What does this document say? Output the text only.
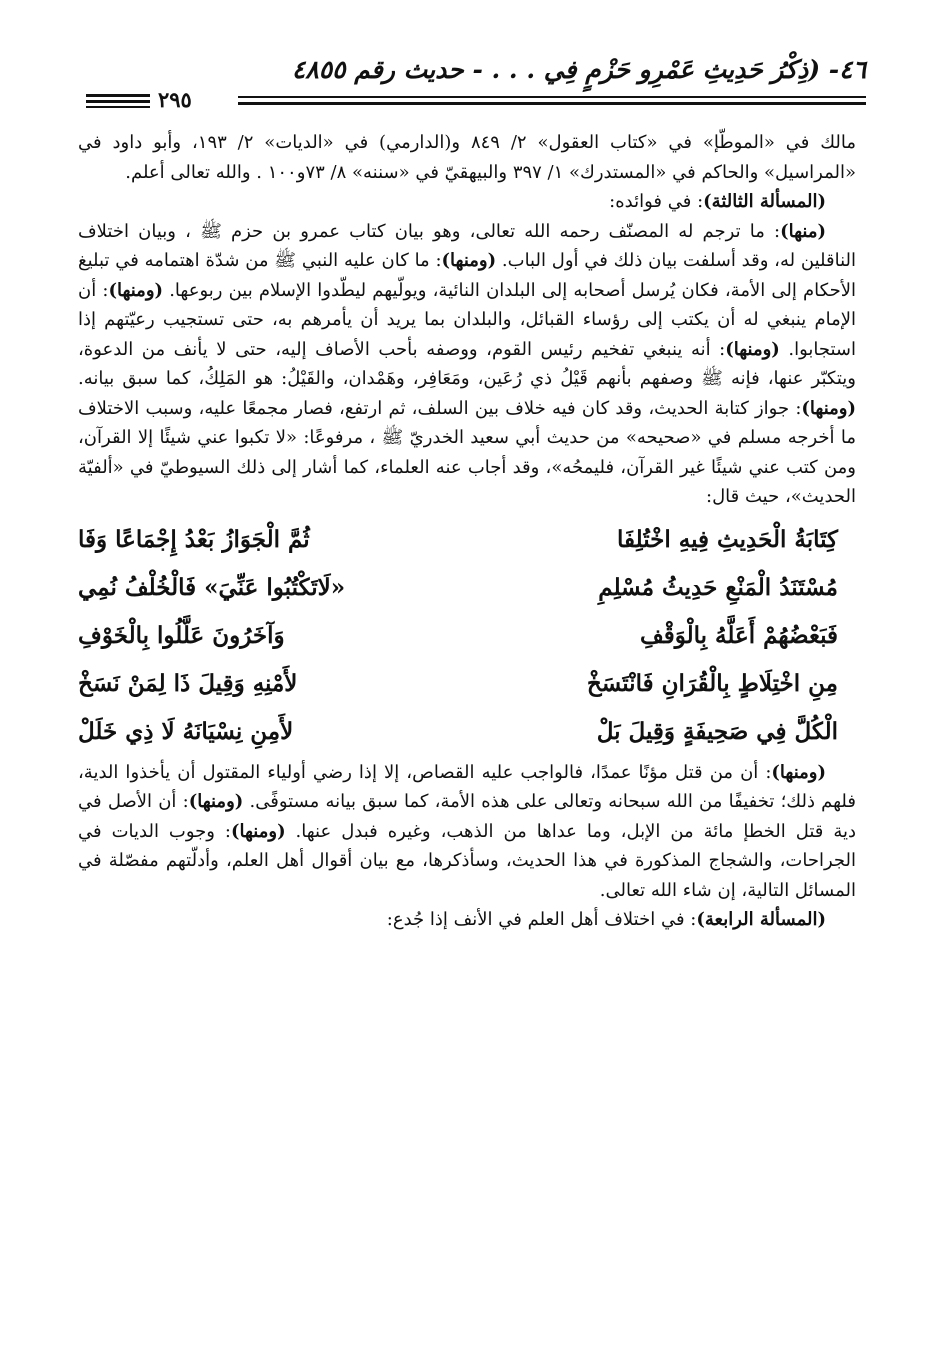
٤٦- (ذِكْرُ حَدِيثِ عَمْرِو حَزْمٍ فِي . . . - حديث رقم ٤٨٥٥
٢٩٥

مالك في «الموطّإ» في «كتاب العقول» ٢/ ٨٤٩ و(الدارمي) في «الديات» ٢/ ١٩٣، وأبو داود في «المراسيل» والحاكم في «المستدرك» ١/ ٣٩٧ والبيهقيّ في «سننه» ٨/ ٧٣و١٠٠ . والله تعالى أعلم.

(المسألة الثالثة): في فوائده:

(منها): ما ترجم له المصنّف رحمه الله تعالى، وهو بيان كتاب عمرو بن حزم ﷺ ، وبيان اختلاف الناقلين له، وقد أسلفت بيان ذلك في أول الباب. (ومنها): ما كان عليه النبي ﷺ من شدّة اهتمامه في تبليغ الأحكام إلى الأمة، فكان يُرسل أصحابه إلى البلدان النائية، ويولّيهم ليطّدوا الإسلام بين ربوعها. (ومنها): أن الإمام ينبغي له أن يكتب إلى رؤساء القبائل، والبلدان بما يريد أن يأمرهم به، حتى تستجيب رعيّتهم إذا استجابوا. (ومنها): أنه ينبغي تفخيم رئيس القوم، ووصفه بأحب الأصاف إليه، حتى لا يأنف من الدعوة، ويتكبّر عنها، فإنه ﷺ وصفهم بأنهم قَيْلُ ذي رُعَين، ومَعَافِر، وهَمْدان، والقَيْلُ: هو المَلِكُ، كما سبق بيانه. (ومنها): جواز كتابة الحديث، وقد كان فيه خلاف بين السلف، ثم ارتفع، فصار مجمعًا عليه، وسبب الاختلاف ما أخرجه مسلم في «صحيحه» من حديث أبي سعيد الخدريّ ﷺ ، مرفوعًا: «لا تكبوا عني شيئًا إلا القرآن، ومن كتب عني شيئًا غير القرآن، فليمحُه»، وقد أجاب عنه العلماء، كما أشار إلى ذلك السيوطيّ في «ألفيّة الحديث»، حيث قال:

كِتَابَةُ الْحَدِيثِ فِيهِ اخْتُلِفَا
ثُمَّ الْجَوَازُ بَعْدُ إِجْمَاعًا وَفَا
مُسْتَنَدُ الْمَنْعِ حَدِيثُ مُسْلِمِ
«لَاتَكْتُبُوا عَنِّيَ» فَالْخُلْفُ نُمِي
فَبَعْضُهُمْ أَعَلَّهُ بِالْوَقْفِ
وَآخَرُونَ عَلَّلُوا بِالْخَوْفِ
مِنِ اخْتِلَاطٍ بِالْقُرَانِ فَانْتَسَخْ
لأَمْنِهِ وَقِيلَ ذَا لِمَنْ نَسَخْ
الْكُلَّ فِي صَحِيفَةٍ وَقِيلَ بَلْ
لأَمِنِ نِسْيَانَهُ لَا ذِي خَلَلْ

(ومنها): أن من قتل مؤنًا عمدًا، فالواجب عليه القصاص، إلا إذا رضي أولياء المقتول أن يأخذوا الدية، فلهم ذلك؛ تخفيفًا من الله سبحانه وتعالى على هذه الأمة، كما سبق بيانه مستوفًى. (ومنها): أن الأصل في دية قتل الخطإ مائة من الإبل، وما عداها من الذهب، وغيره فبدل عنها. (ومنها): وجوب الديات في الجراحات، والشجاج المذكورة في هذا الحديث، وسأذكرها، مع بيان أقوال أهل العلم، وأدلّتهم مفصّلة في المسائل التالية، إن شاء الله تعالى.

(المسألة الرابعة): في اختلاف أهل العلم في الأنف إذا جُدع:
